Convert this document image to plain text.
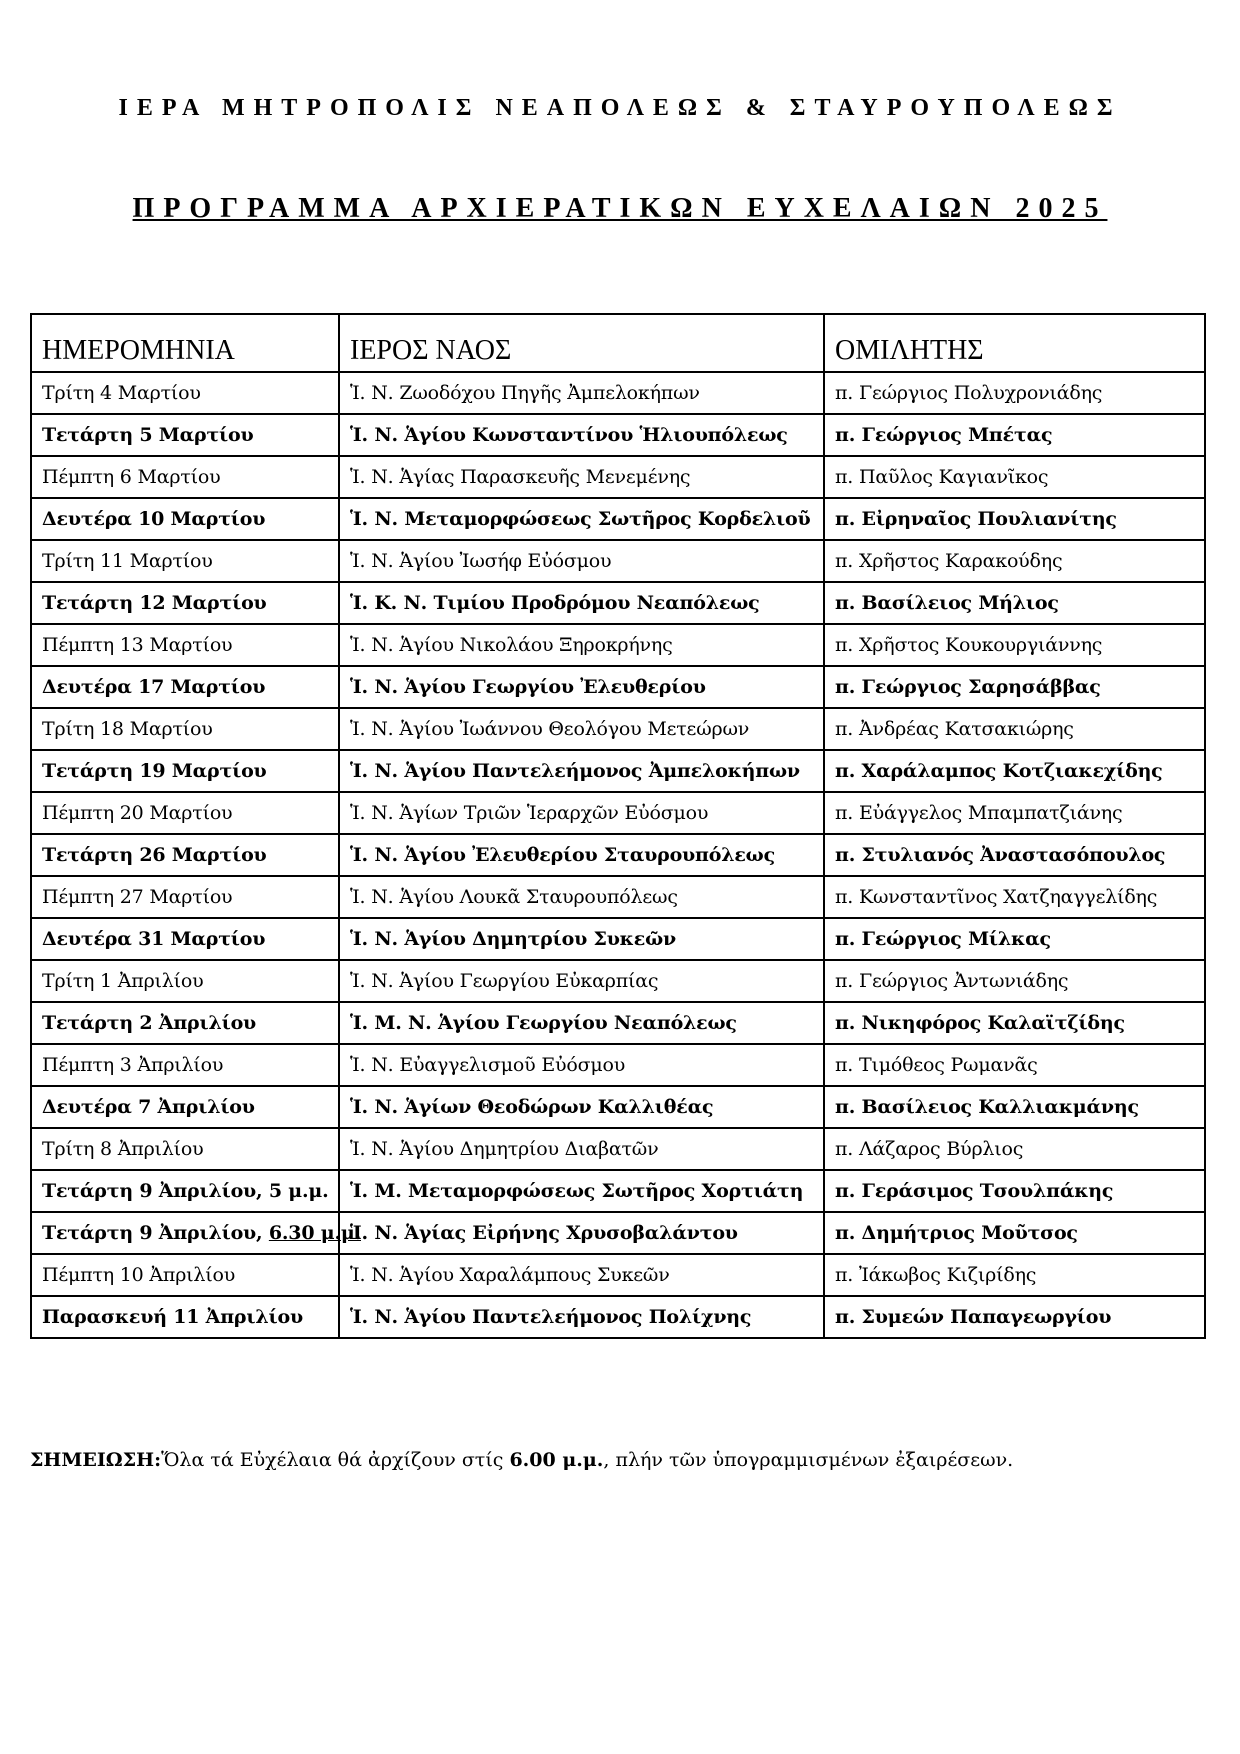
ΙΕΡΑ ΜΗΤΡΟΠΟΛΙΣ ΝΕΑΠΟΛΕΩΣ & ΣΤΑΥΡΟΥΠΟΛΕΩΣ
ΠΡΟΓΡΑΜΜΑ ΑΡΧΙΕΡΑΤΙΚΩΝ ΕΥΧΕΛΑΙΩΝ 2025
ΗΜΕΡΟΜΗΝΙΑ	ΙΕΡΟΣ ΝΑΟΣ	ΟΜΙΛΗΤΗΣ
Τρίτη 4 Μαρτίου	Ἱ. Ν. Ζωοδόχου Πηγῆς Ἀμπελοκήπων	π. Γεώργιος Πολυχρονιάδης
Τετάρτη 5 Μαρτίου	Ἱ. Ν. Ἁγίου Κωνσταντίνου Ἡλιουπόλεως	π. Γεώργιος Μπέτας
Πέμπτη 6 Μαρτίου	Ἱ. Ν. Ἁγίας Παρασκευῆς Μενεμένης	π. Παῦλος Καγιανῖκος
Δευτέρα 10 Μαρτίου	Ἱ. Ν. Μεταμορφώσεως Σωτῆρος Κορδελιοῦ	π. Εἰρηναῖος Πουλιανίτης
Τρίτη 11 Μαρτίου	Ἱ. Ν. Ἁγίου Ἰωσήφ Εὐόσμου	π. Χρῆστος Καρακούδης
Τετάρτη 12 Μαρτίου	Ἱ. Κ. Ν. Τιμίου Προδρόμου Νεαπόλεως	π. Βασίλειος Μήλιος
Πέμπτη 13 Μαρτίου	Ἱ. Ν. Ἁγίου Νικολάου Ξηροκρήνης	π. Χρῆστος Κουκουργιάννης
Δευτέρα 17 Μαρτίου	Ἱ. Ν. Ἁγίου Γεωργίου Ἐλευθερίου	π. Γεώργιος Σαρησάββας
Τρίτη 18 Μαρτίου	Ἱ. Ν. Ἁγίου Ἰωάννου Θεολόγου Μετεώρων	π. Ἀνδρέας Κατσακιώρης
Τετάρτη 19 Μαρτίου	Ἱ. Ν. Ἁγίου Παντελεήμονος Ἀμπελοκήπων	π. Χαράλαμπος Κοτζιακεχίδης
Πέμπτη 20 Μαρτίου	Ἱ. Ν. Ἁγίων Τριῶν Ἱεραρχῶν Εὐόσμου	π. Εὐάγγελος Μπαμπατζιάνης
Τετάρτη 26 Μαρτίου	Ἱ. Ν. Ἁγίου Ἐλευθερίου Σταυρουπόλεως	π. Στυλιανός Ἀναστασόπουλος
Πέμπτη 27 Μαρτίου	Ἱ. Ν. Ἁγίου Λουκᾶ Σταυρουπόλεως	π. Κωνσταντῖνος Χατζηαγγελίδης
Δευτέρα 31 Μαρτίου	Ἱ. Ν. Ἁγίου Δημητρίου Συκεῶν	π. Γεώργιος Μίλκας
Τρίτη 1 Ἀπριλίου	Ἱ. Ν. Ἁγίου Γεωργίου Εὐκαρπίας	π. Γεώργιος Ἀντωνιάδης
Τετάρτη 2 Ἀπριλίου	Ἱ. Μ. Ν. Ἁγίου Γεωργίου Νεαπόλεως	π. Νικηφόρος Καλαϊτζίδης
Πέμπτη 3 Ἀπριλίου	Ἱ. Ν. Εὐαγγελισμοῦ Εὐόσμου	π. Τιμόθεος Ρωμανᾶς
Δευτέρα 7 Ἀπριλίου	Ἱ. Ν. Ἁγίων Θεοδώρων Καλλιθέας	π. Βασίλειος Καλλιακμάνης
Τρίτη 8 Ἀπριλίου	Ἱ. Ν. Ἁγίου Δημητρίου Διαβατῶν	π. Λάζαρος Βύρλιος
Τετάρτη 9 Ἀπριλίου, 5 μ.μ.	Ἱ. Μ. Μεταμορφώσεως Σωτῆρος Χορτιάτη	π. Γεράσιμος Τσουλπάκης
Τετάρτη 9 Ἀπριλίου, 6.30 μ.μ.	Ἱ. Ν. Ἁγίας Εἰρήνης Χρυσοβαλάντου	π. Δημήτριος Μοῦτσος
Πέμπτη 10 Ἀπριλίου	Ἱ. Ν. Ἁγίου Χαραλάμπους Συκεῶν	π. Ἰάκωβος Κιζιρίδης
Παρασκευή 11 Ἀπριλίου	Ἱ. Ν. Ἁγίου Παντελεήμονος Πολίχνης	π. Συμεών Παπαγεωργίου

ΣΗΜΕΙΩΣΗ:Ὅλα τά Εὐχέλαια θά ἀρχίζουν στίς 6.00 μ.μ., πλήν τῶν ὑπογραμμισμένων ἐξαιρέσεων.
